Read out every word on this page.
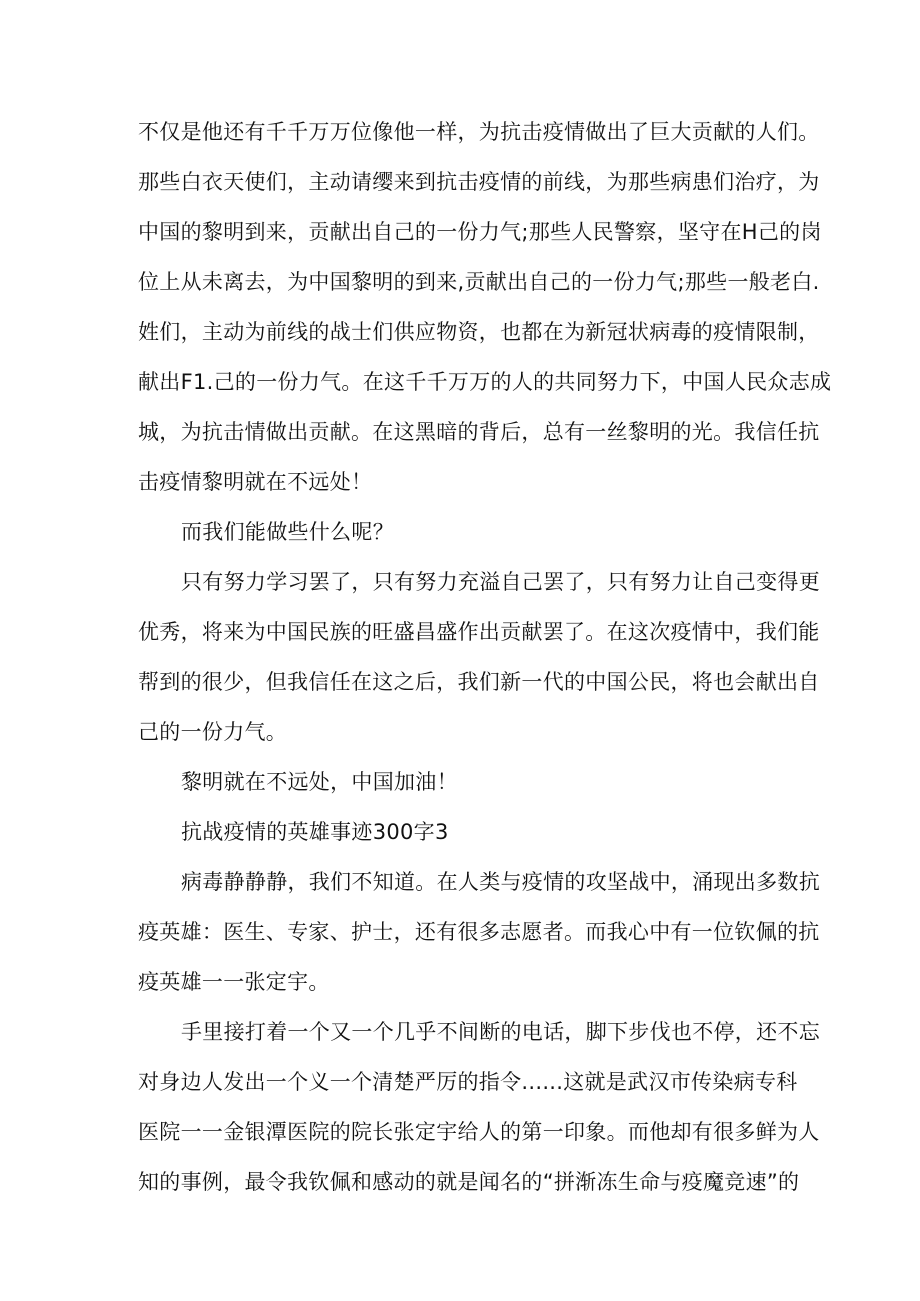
不仅是他还有千千万万位像他一样，为抗击疫情做出了巨大贡献的人们。
那些白衣天使们，主动请缨来到抗击疫情的前线，为那些病患们治疗，为
中国的黎明到来，贡献出自己的一份力气;那些人民警察，坚守在H己的岗
位上从未离去，为中国黎明的到来,贡献出自己的一份力气;那些一般老白.
姓们，主动为前线的战士们供应物资，也都在为新冠状病毒的疫情限制，
献出F1.己的一份力气。在这千千万万的人的共同努力下，中国人民众志成
城，为抗击情做出贡献。在这黑暗的背后，总有一丝黎明的光。我信任抗
击疫情黎明就在不远处！
而我们能做些什么呢？
只有努力学习罢了，只有努力充溢自己罢了，只有努力让自己变得更
优秀，将来为中国民族的旺盛昌盛作出贡献罢了。在这次疫情中，我们能
帮到的很少，但我信任在这之后，我们新一代的中国公民，将也会献出自
己的一份力气。
黎明就在不远处，中国加油！
抗战疫情的英雄事迹300字3
病毒静静静，我们不知道。在人类与疫情的攻坚战中，涌现出多数抗
疫英雄：医生、专家、护士，还有很多志愿者。而我心中有一位钦佩的抗
疫英雄一一张定宇。
手里接打着一个又一个几乎不间断的电话，脚下步伐也不停，还不忘
对身边人发出一个义一个清楚严厉的指令......这就是武汉市传染病专科
医院一一金银潭医院的院长张定宇给人的第一印象。而他却有很多鲜为人
知的事例，最令我钦佩和感动的就是闻名的“拼渐冻生命与疫魔竞速”的
